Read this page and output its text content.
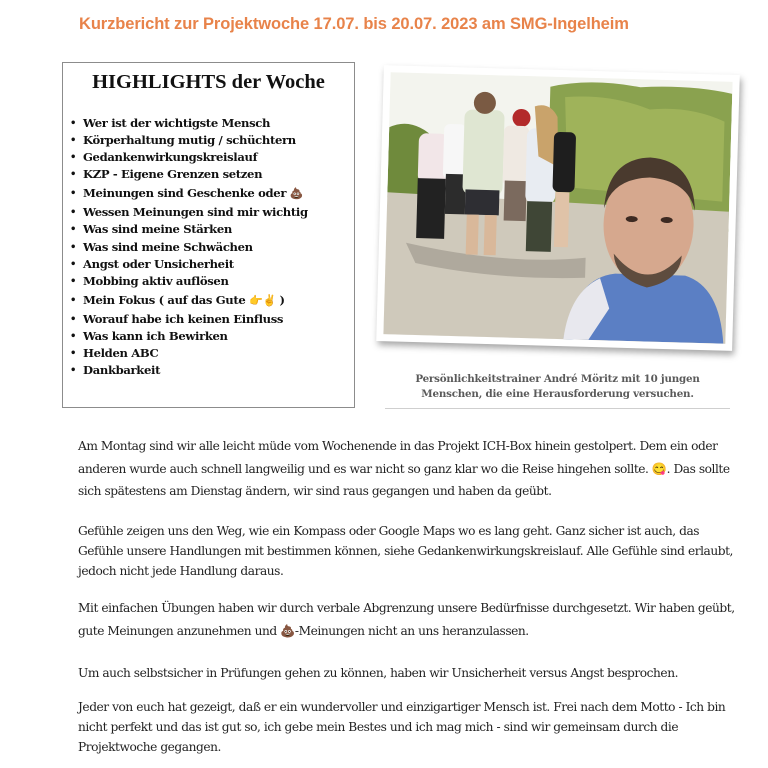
Kurzbericht zur Projektwoche 17.07. bis 20.07. 2023 am SMG-Ingelheim
HIGHLIGHTS der Woche
• Wer ist der wichtigste Mensch
• Körperhaltung mutig / schüchtern
• Gedankenwirkungskreislauf
• KZP - Eigene Grenzen setzen
• Meinungen sind Geschenke oder 💩
• Wessen Meinungen sind mir wichtig
• Was sind meine Stärken
• Was sind meine Schwächen
• Angst oder Unsicherheit
• Mobbing aktiv auflösen
• Mein Fokus ( auf das Gute 👉✌ )
• Worauf habe ich keinen Einfluss
• Was kann ich Bewirken
• Helden ABC
• Dankbarkeit
Persönlichkeitstrainer André Möritz mit 10 jungen Menschen, die eine Herausforderung versuchen.
Am Montag sind wir alle leicht müde vom Wochenende in das Projekt ICH-Box hinein gestolpert. Dem ein oder anderen wurde auch schnell langweilig und es war nicht so ganz klar wo die Reise hingehen sollte. 😋. Das sollte sich spätestens am Dienstag ändern, wir sind raus gegangen und haben da geübt.
Gefühle zeigen uns den Weg, wie ein Kompass oder Google Maps wo es lang geht. Ganz sicher ist auch, das Gefühle unsere Handlungen mit bestimmen können, siehe Gedankenwirkungskreislauf. Alle Gefühle sind erlaubt, jedoch nicht jede Handlung daraus.
Mit einfachen Übungen haben wir durch verbale Abgrenzung unsere Bedürfnisse durchgesetzt. Wir haben geübt, gute Meinungen anzunehmen und 💩-Meinungen nicht an uns heranzulassen.
Um auch selbstsicher in Prüfungen gehen zu können, haben wir Unsicherheit versus Angst besprochen.
Jeder von euch hat gezeigt, daß er ein wundervoller und einzigartiger Mensch ist. Frei nach dem Motto - Ich bin nicht perfekt und das ist gut so, ich gebe mein Bestes und ich mag mich - sind wir gemeinsam durch die Projektwoche gegangen.
